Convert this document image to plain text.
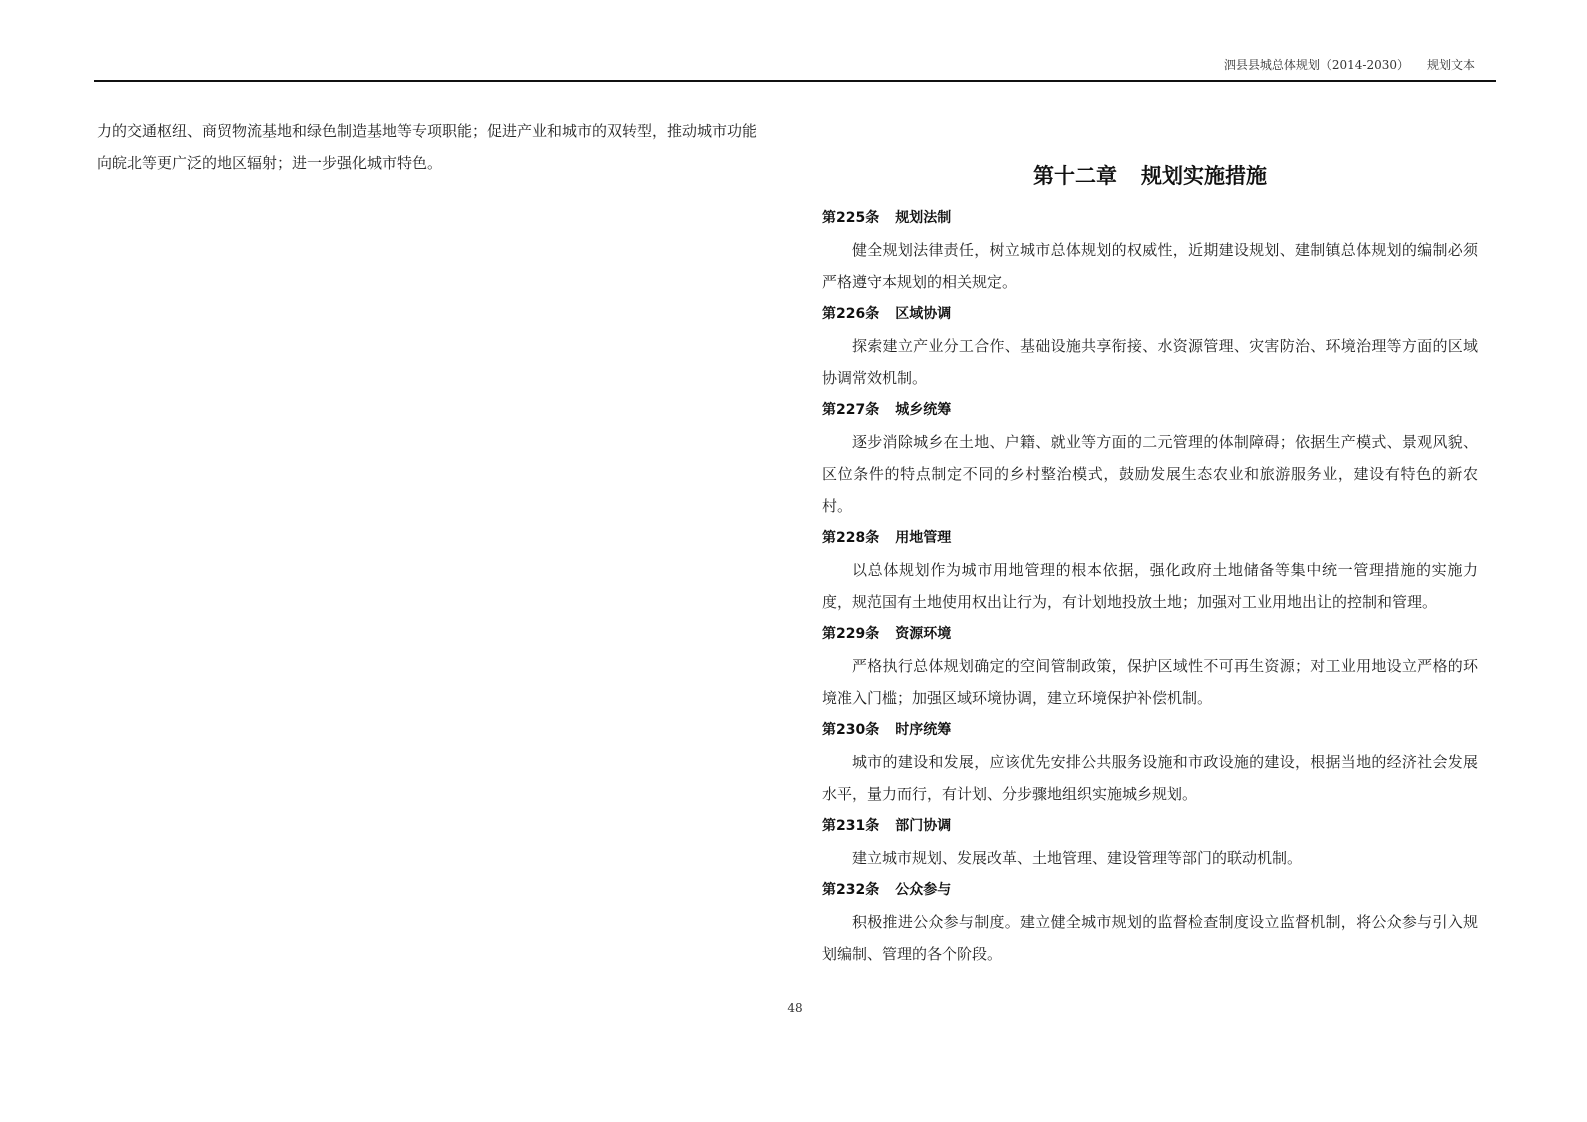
泗县县城总体规划（2014-2030） 规划文本

力的交通枢纽、商贸物流基地和绿色制造基地等专项职能；促进产业和城市的双转型，推动城市功能向皖北等更广泛的地区辐射；进一步强化城市特色。

第十二章 规划实施措施
第225条 规划法制

健全规划法律责任，树立城市总体规划的权威性，近期建设规划、建制镇总体规划的编制必须严格遵守本规划的相关规定。

第226条 区域协调

探索建立产业分工合作、基础设施共享衔接、水资源管理、灾害防治、环境治理等方面的区域协调常效机制。

第227条 城乡统筹

逐步消除城乡在土地、户籍、就业等方面的二元管理的体制障碍；依据生产模式、景观风貌、区位条件的特点制定不同的乡村整治模式，鼓励发展生态农业和旅游服务业，建设有特色的新农村。

第228条 用地管理

以总体规划作为城市用地管理的根本依据，强化政府土地储备等集中统一管理措施的实施力度，规范国有土地使用权出让行为，有计划地投放土地；加强对工业用地出让的控制和管理。

第229条 资源环境

严格执行总体规划确定的空间管制政策，保护区域性不可再生资源；对工业用地设立严格的环境准入门槛；加强区域环境协调，建立环境保护补偿机制。

第230条 时序统筹

城市的建设和发展，应该优先安排公共服务设施和市政设施的建设，根据当地的经济社会发展水平，量力而行，有计划、分步骤地组织实施城乡规划。

第231条 部门协调

建立城市规划、发展改革、土地管理、建设管理等部门的联动机制。

第232条 公众参与

积极推进公众参与制度。建立健全城市规划的监督检查制度设立监督机制，将公众参与引入规划编制、管理的各个阶段。

48
